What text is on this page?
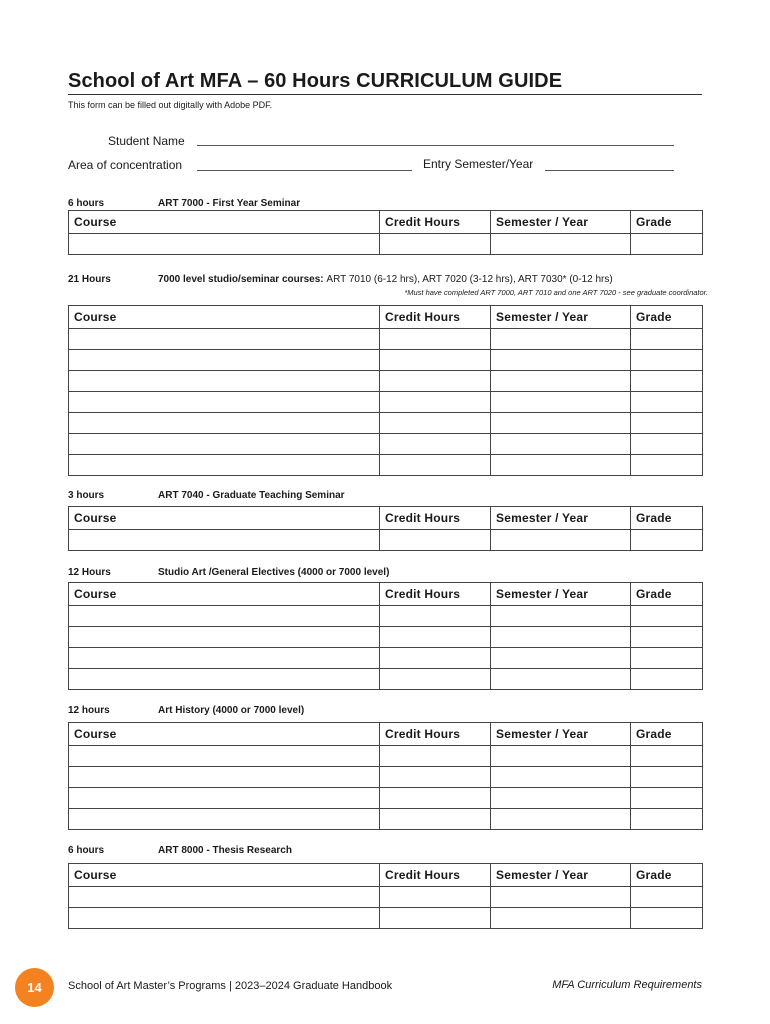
School of Art MFA – 60 Hours CURRICULUM GUIDE
This form can be filled out digitally with Adobe PDF.
Student Name
Area of concentration	Entry Semester/Year
6 hours	ART 7000 - First Year Seminar
Course	Credit Hours	Semester / Year	Grade

21 Hours	7000 level studio/seminar courses: ART 7010 (6-12 hrs), ART 7020 (3-12 hrs), ART 7030* (0-12 hrs)
*Must have completed ART 7000, ART 7010 and one ART 7020 - see graduate coordinator.
Course	Credit Hours	Semester / Year	Grade

3 hours	ART 7040 - Graduate Teaching Seminar
Course	Credit Hours	Semester / Year	Grade

12 Hours	Studio Art /General Electives (4000 or 7000 level)
Course	Credit Hours	Semester / Year	Grade

12 hours	Art History (4000 or 7000 level)
Course	Credit Hours	Semester / Year	Grade

6 hours	ART 8000 - Thesis Research
Course	Credit Hours	Semester / Year	Grade

14	School of Art Master’s Programs | 2023–2024 Graduate Handbook	MFA Curriculum Requirements
